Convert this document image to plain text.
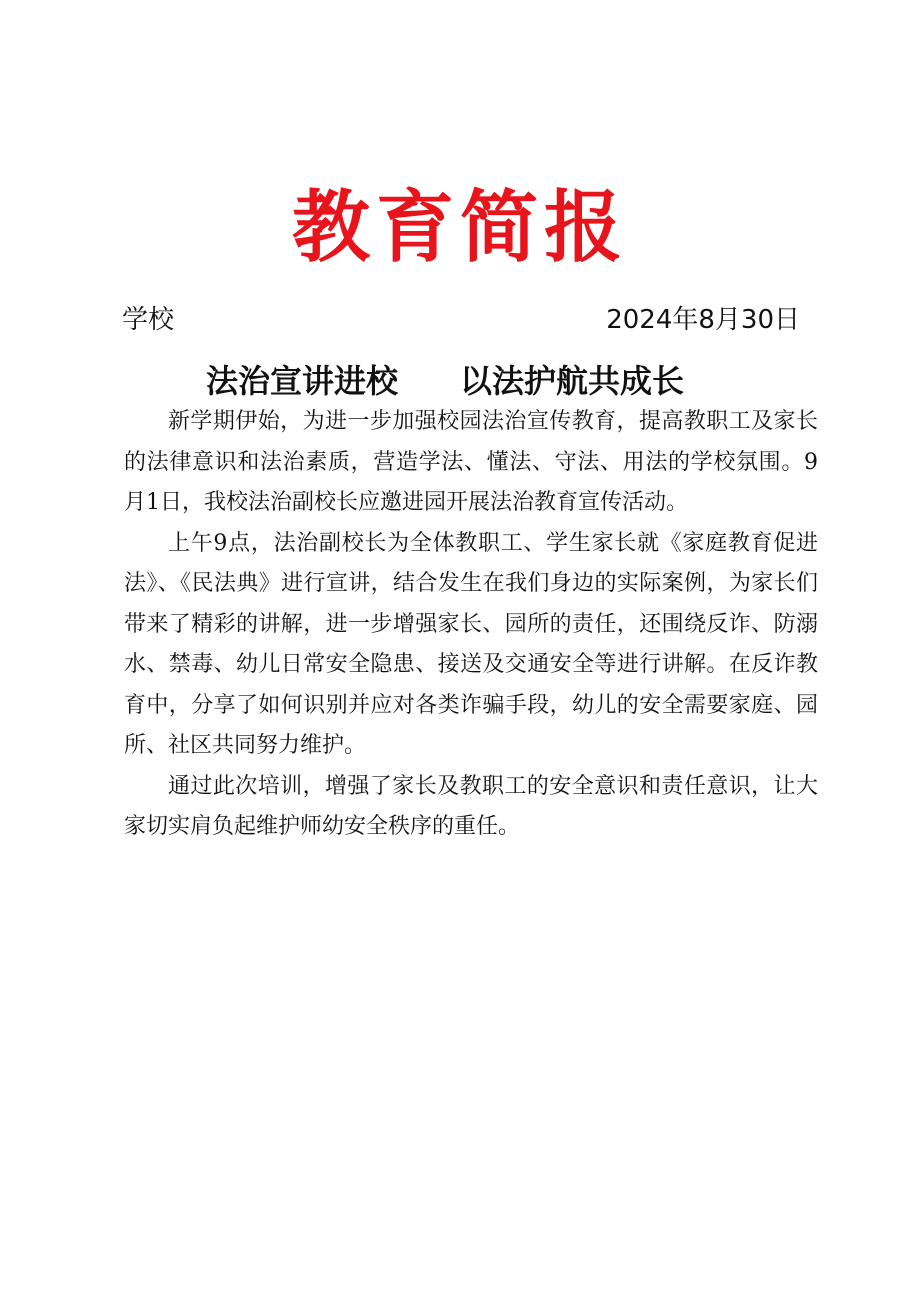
教育简报
学校	2024年8月30日
法治宣讲进校 以法护航共成长

新学期伊始，为进一步加强校园法治宣传教育，提高教职工及家长的法律意识和法治素质，营造学法、懂法、守法、用法的学校氛围。9月1日，我校法治副校长应邀进园开展法治教育宣传活动。

上午9点，法治副校长为全体教职工、学生家长就《家庭教育促进法》、《民法典》进行宣讲，结合发生在我们身边的实际案例，为家长们带来了精彩的讲解，进一步增强家长、园所的责任，还围绕反诈、防溺水、禁毒、幼儿日常安全隐患、接送及交通安全等进行讲解。在反诈教育中，分享了如何识别并应对各类诈骗手段，幼儿的安全需要家庭、园所、社区共同努力维护。

通过此次培训，增强了家长及教职工的安全意识和责任意识，让大家切实肩负起维护师幼安全秩序的重任。
